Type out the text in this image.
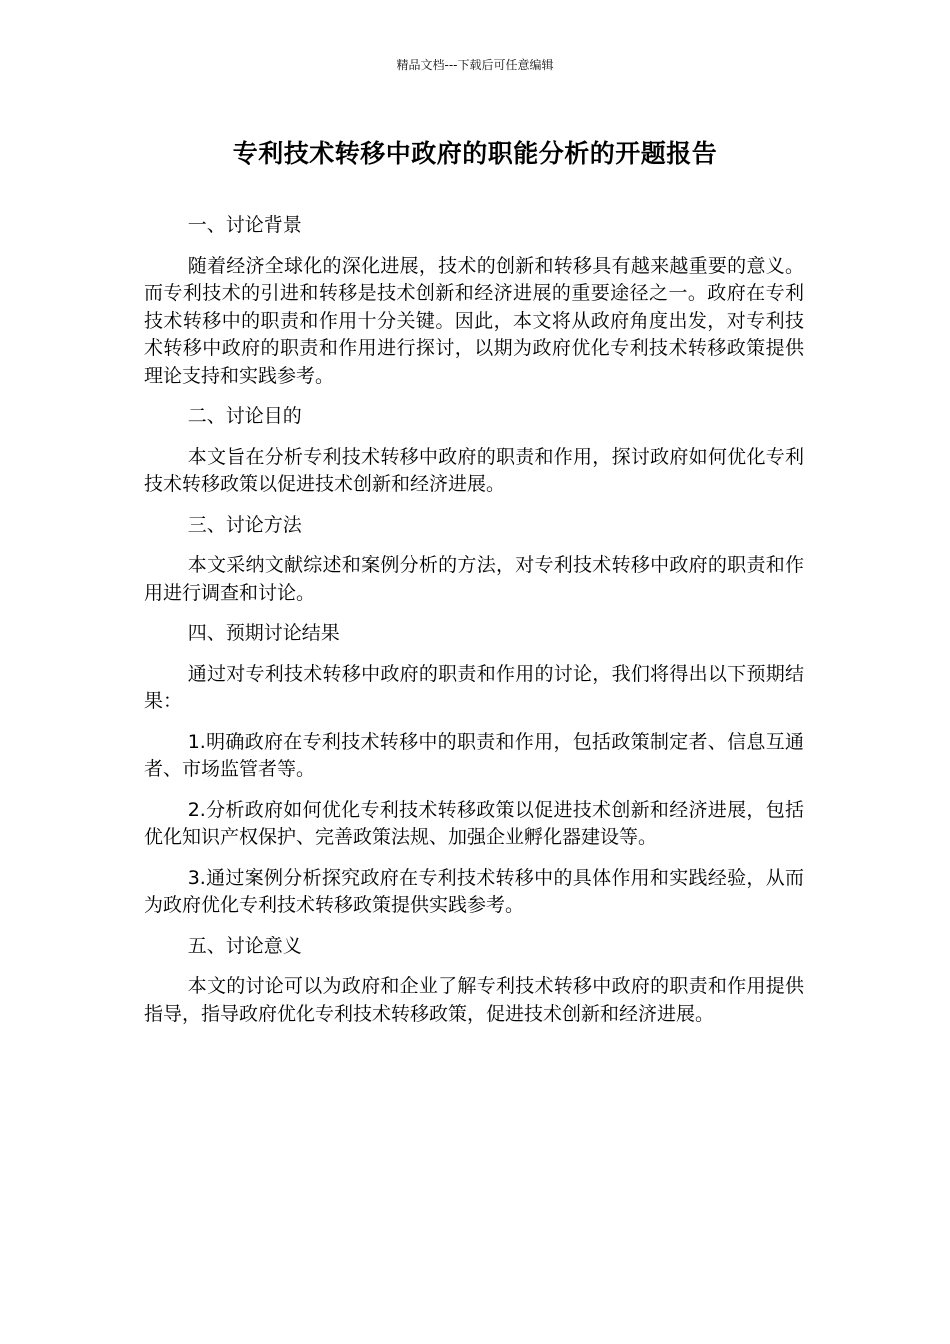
精品文档---下载后可任意编辑
专利技术转移中政府的职能分析的开题报告

一、讨论背景

随着经济全球化的深化进展，技术的创新和转移具有越来越重要的意义。而专利技术的引进和转移是技术创新和经济进展的重要途径之一。政府在专利技术转移中的职责和作用十分关键。因此，本文将从政府角度出发，对专利技术转移中政府的职责和作用进行探讨，以期为政府优化专利技术转移政策提供理论支持和实践参考。

二、讨论目的

本文旨在分析专利技术转移中政府的职责和作用，探讨政府如何优化专利技术转移政策以促进技术创新和经济进展。

三、讨论方法

本文采纳文献综述和案例分析的方法，对专利技术转移中政府的职责和作用进行调查和讨论。

四、预期讨论结果

通过对专利技术转移中政府的职责和作用的讨论，我们将得出以下预期结果：

1.明确政府在专利技术转移中的职责和作用，包括政策制定者、信息互通者、市场监管者等。

2.分析政府如何优化专利技术转移政策以促进技术创新和经济进展，包括优化知识产权保护、完善政策法规、加强企业孵化器建设等。

3.通过案例分析探究政府在专利技术转移中的具体作用和实践经验，从而为政府优化专利技术转移政策提供实践参考。

五、讨论意义

本文的讨论可以为政府和企业了解专利技术转移中政府的职责和作用提供指导，指导政府优化专利技术转移政策，促进技术创新和经济进展。
